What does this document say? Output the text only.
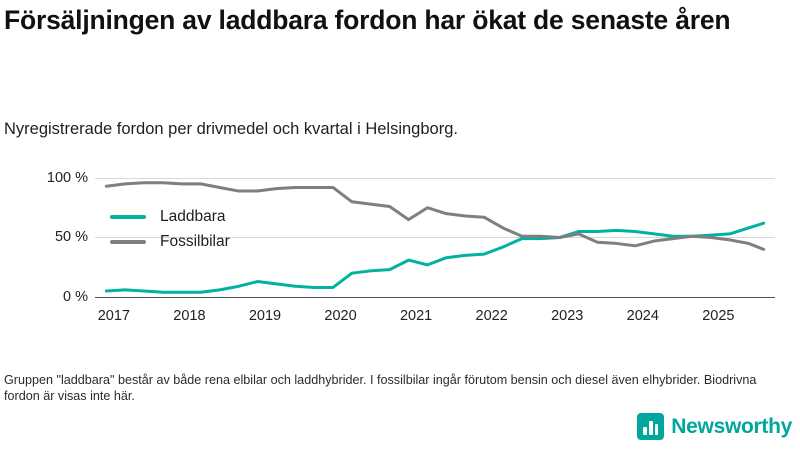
Försäljningen av laddbara fordon har ökat de senaste åren
Nyregistrerade fordon per drivmedel och kvartal i Helsingborg.
0 %
50 %
100 %
2017	2018	2019	2020	2021	2022	2023	2024	2025
Laddbara
Fossilbilar
Gruppen "laddbara" består av både rena elbilar och laddhybrider. I fossilbilar ingår förutom bensin och diesel även elhybrider. Biodrivna fordon är visas inte här.
Newsworthy
